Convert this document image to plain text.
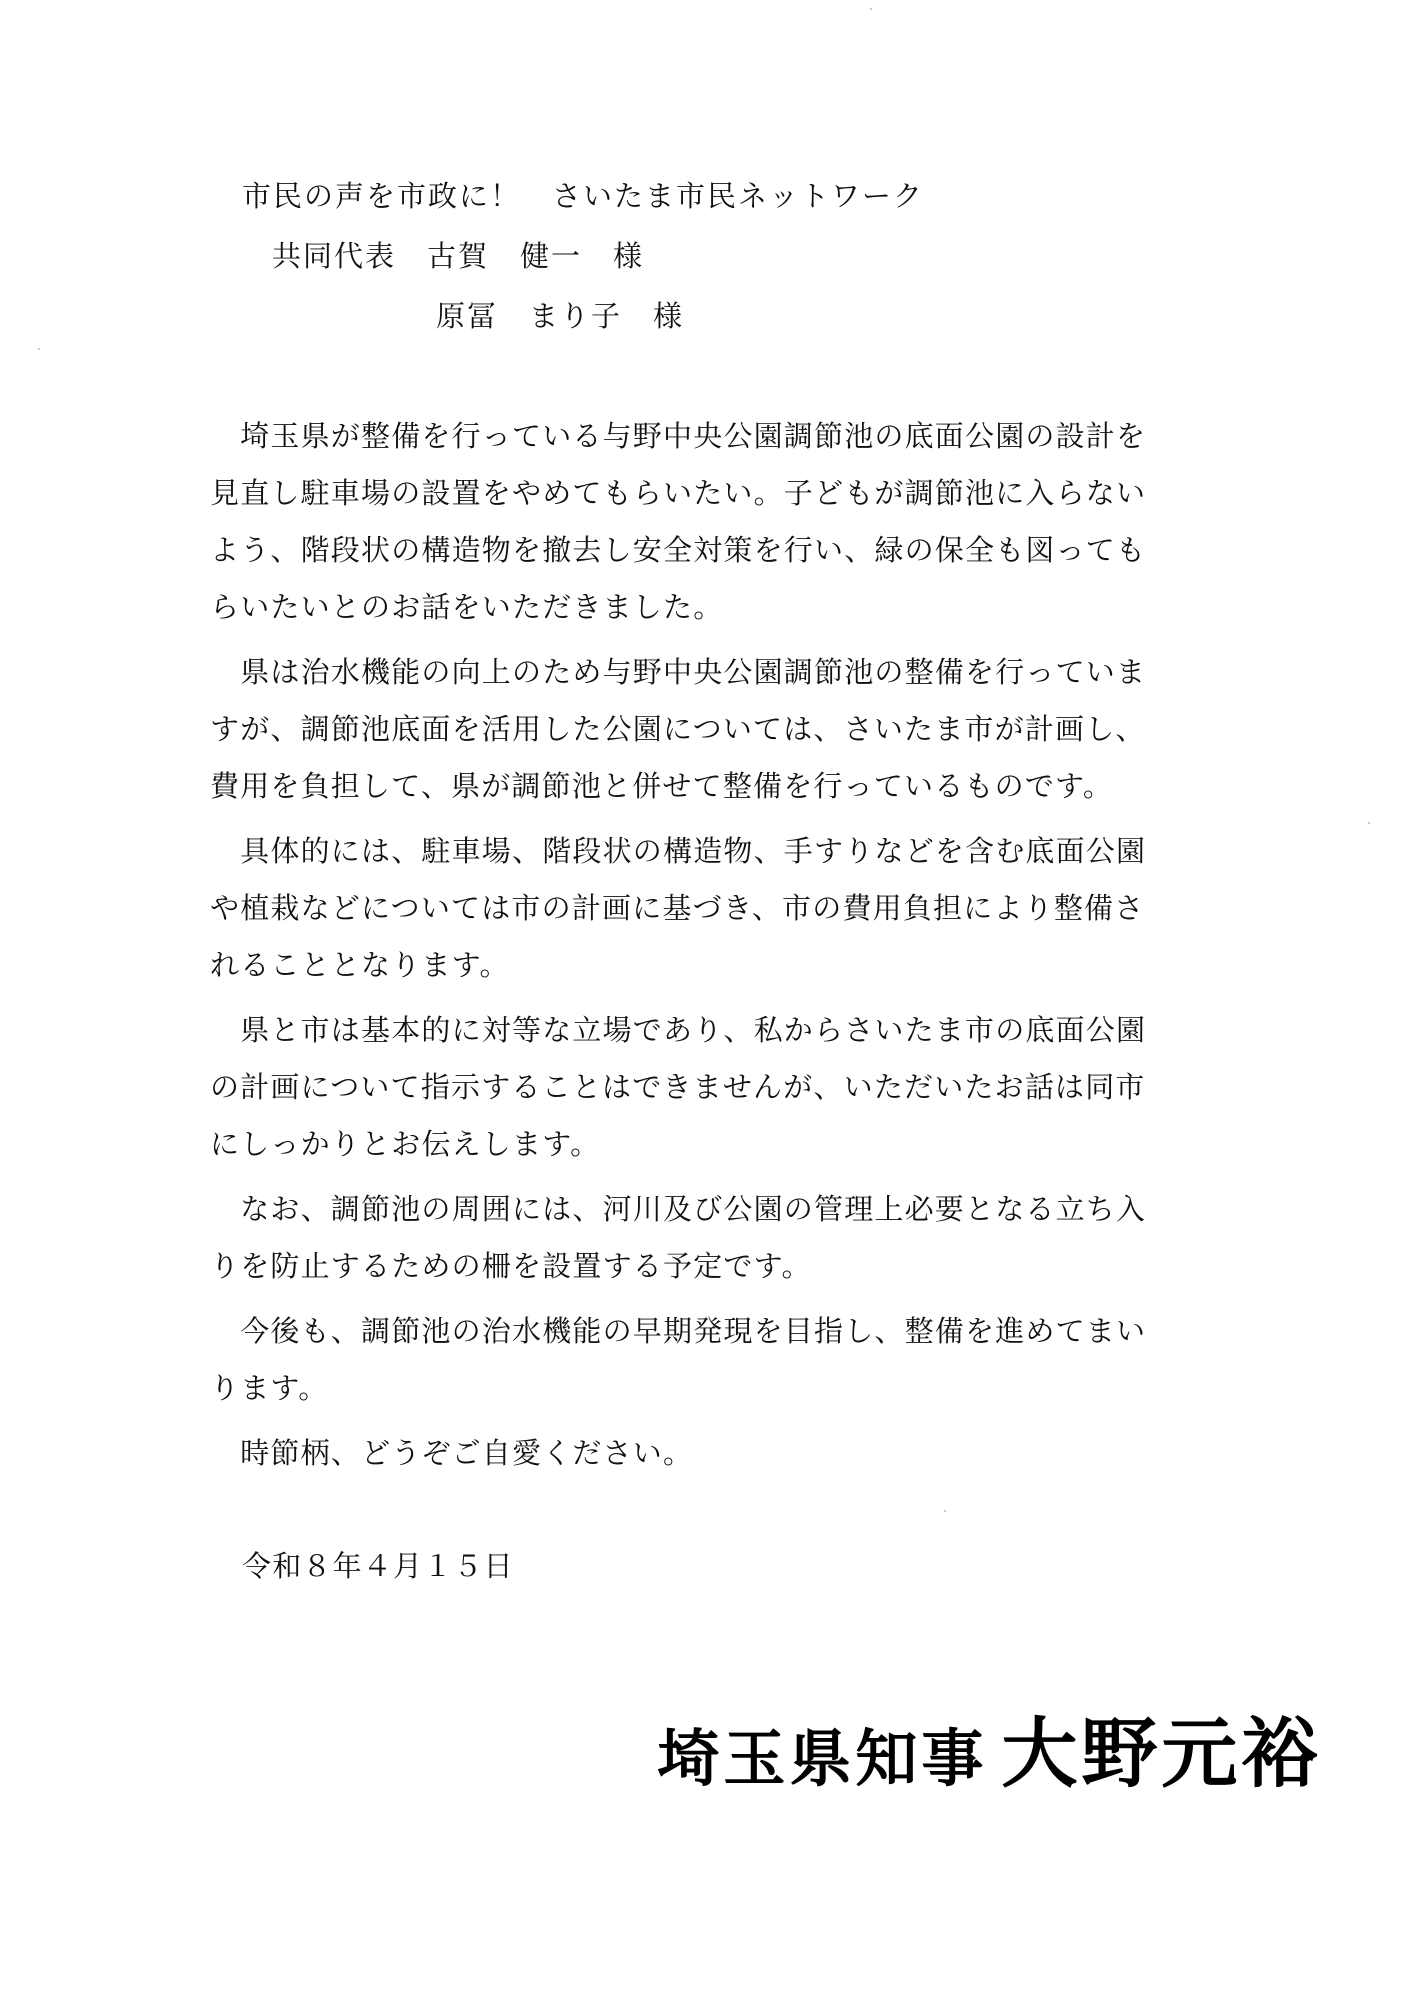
市民の声を市政に！　さいたま市民ネットワーク
共同代表　古賀　健一　様
原冨　まり子　様
　埼玉県が整備を行っている与野中央公園調節池の底面公園の設計を
見直し駐車場の設置をやめてもらいたい。子どもが調節池に入らない
よう、階段状の構造物を撤去し安全対策を行い、緑の保全も図っても
らいたいとのお話をいただきました。
　県は治水機能の向上のため与野中央公園調節池の整備を行っていま
すが、調節池底面を活用した公園については、さいたま市が計画し、
費用を負担して、県が調節池と併せて整備を行っているものです。
　具体的には、駐車場、階段状の構造物、手すりなどを含む底面公園
や植栽などについては市の計画に基づき、市の費用負担により整備さ
れることとなります。
　県と市は基本的に対等な立場であり、私からさいたま市の底面公園
の計画について指示することはできませんが、いただいたお話は同市
にしっかりとお伝えします。
　なお、調節池の周囲には、河川及び公園の管理上必要となる立ち入
りを防止するための柵を設置する予定です。
　今後も、調節池の治水機能の早期発現を目指し、整備を進めてまい
ります。
　時節柄、どうぞご自愛ください。
令和８年４月１５日

埼玉県知事 大野元裕
